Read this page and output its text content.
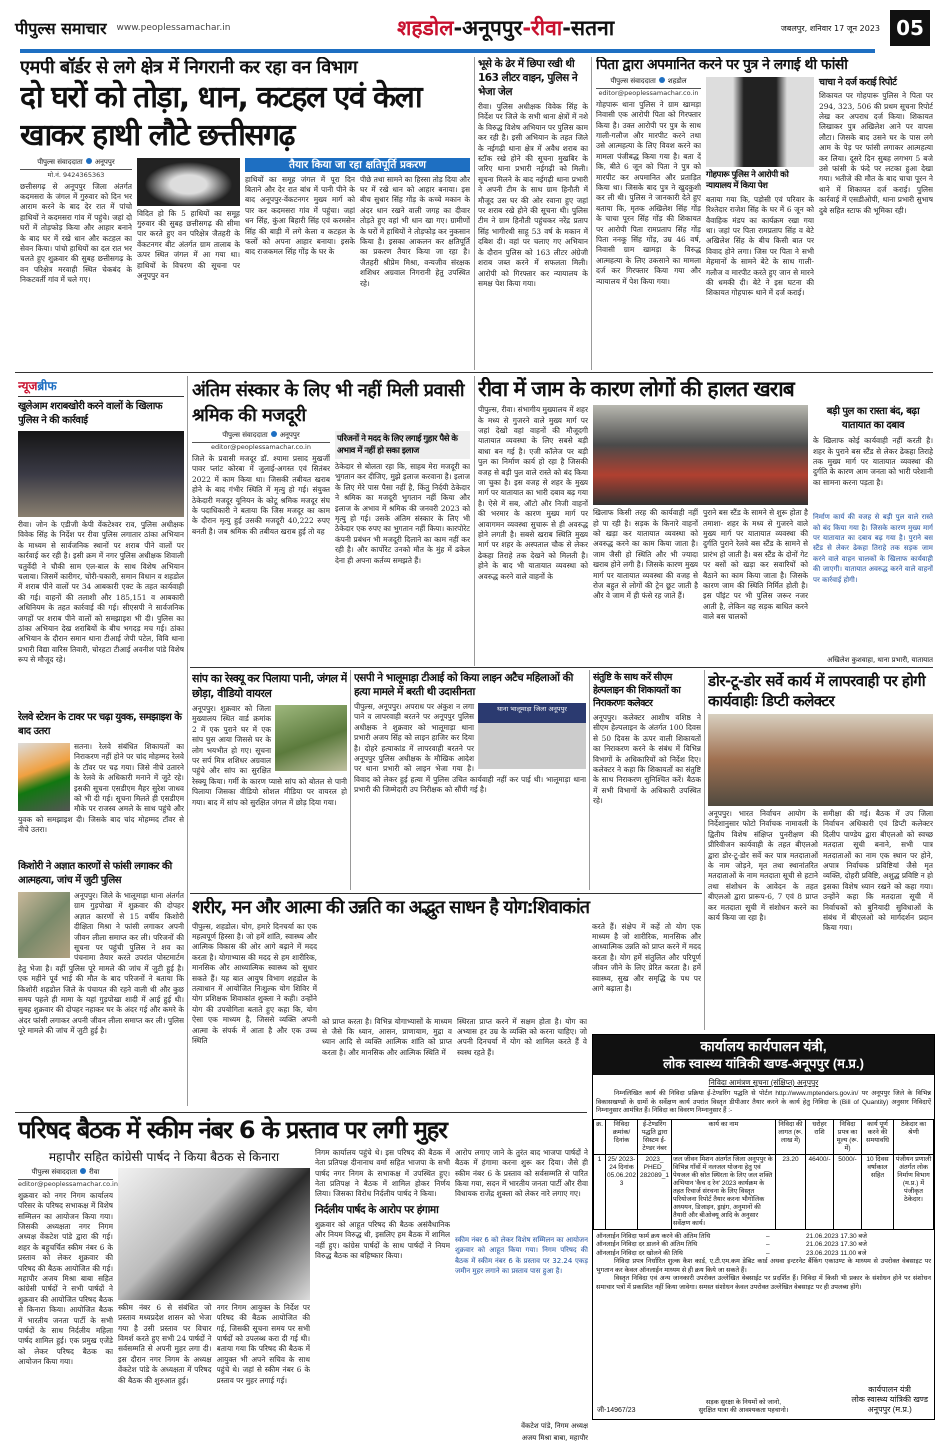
पीपुल्स समाचार www.peoplessamachar.in	शहडोल-अनूपपुर-रीवा-सतना	जबलपुर, शनिवार 17 जून 2023 05
एमपी बॉर्डर से लगे क्षेत्र में निगरानी कर रहा वन विभाग
दो घरों को तोड़ा, धान, कटहल एवं केला खाकर हाथी लौटे छत्तीसगढ़
पीपुल्स संवाददाता अनूपपुर
मो.नं. 9424365363
छत्तीसगढ़ से अनूपपुर जिला अंतर्गत कदमसरा के जंगल में गुरुवार को दिन भर आराम करने के बाद देर रात में पांचो हाथियों ने कदमसरा गांव में पहुंचे। जहां दो घरों में तोड़फोड़ किया और आहार बनाने के बाद घर में रखे धान और कटहल का सेवन किया। पांचो हाथियों का दल रात भर चलते हुए शुक्रवार की सुबह छत्तीसगढ़ के वन परिक्षेत्र मरवाही स्थित चेकबंद के निकटवर्ती गांव में चले गए।
विदित हो कि 5 हाथियों का समूह गुरुवार की सुबह छत्तीसगढ़ की सीमा पार करते हुए वन परिक्षेत्र जैतहरी के वेंकटनगर बीट अंतर्गत ग्राम तालाब के ऊपर स्थित जंगल में आ गया था। हाथियों के विचरण की सूचना पर अनूपपुर वन
तैयार किया जा रहा क्षतिपूर्ति प्रकरण
हाथियों का समूह जंगल में पूरा दिन बिताने और देर रात बांध में पानी पीने के बाद अनूपपुर-वेंकटनगर मुख्य मार्ग को पार कर कदमसरा गांव में पहुंचा। जहां धन सिंह, कुंआ बिहारी सिंह एवं करमसेन सिंह की बाड़ी में लगे केला व कटहल के फलों को अपना आहार बनाया। इसके बाद राजकमल सिंह गोंड़ के घर के
पीछे तथा सामने का हिस्सा तोड़ दिया और घर में रखे धान को आहार बनाया। इस बीच सुधार सिंह गोंड़ के कच्चे मकान के अंदर धान रखने वाली जगह का दीवार तोड़ते हुए वहां भी धान खा गए। ग्रामीणों के घरों में हाथियों ने तोड़फोड़ कर नुकसान किया है। इसका आकलन कर क्षतिपूर्ति का प्रकरण तैयार किया जा रहा है। जैतहरी श्रीप्रेम मिश्रा, वन्यजीव संरक्षक शशिधर अग्रवाल निगरानी हेतु उपस्थित रहे।
भूसे के ढेर में छिपा रखी थी 163 लीटर वाइन, पुलिस ने भेजा जेल
रीवा। पुलिस अधीक्षक विवेक सिंह के निर्देश पर जिले के सभी थाना क्षेत्रों में नशे के विरुद्ध विशेष अभियान पर पुलिस काम कर रही है। इसी अभियान के तहत जिले के नईगढ़ी थाना क्षेत्र में अवैध शराब का स्टॉक रखे होने की सूचना मुखबिर के जरिए थाना प्रभारी नईगढ़ी को मिली। सूचना मिलने के बाद नईगढ़ी थाना प्रभारी ने अपनी टीम के साथ ग्राम हिनौती में मौजूद उस घर की ओर रवाना हुए जहां पर शराब रखे होने की सूचना थी। पुलिस टीम ने ग्राम हिनौती पहुंचकर नरेंद्र प्रताप सिंह भागीरथी साहू 53 वर्ष के मकान में दबिश दी। वहां पर चलाए गए अभियान के दौरान पुलिस को 163 लीटर अंग्रेजी शराब जब्त करने में सफलता मिली। आरोपी को गिरफ्तार कर न्यायालय के समक्ष पेश किया गया।
पिता द्वारा अपमानित करने पर पुत्र ने लगाई थी फांसी
पीपुल्स संवाददाता शहडोल
editor@peoplessamachar.co.in
गोहपारू थाना पुलिस ने ग्राम खामड़ा निवासी एक आरोपी पिता को गिरफ्तार किया है। उक्त आरोपी पर पुत्र के साथ गाली-गलौज और मारपीट करने तथा उसे आत्महत्या के लिए विवश करने का मामला पंजीबद्ध किया गया है। बता दें कि, बीते 6 जून को पिता ने पुत्र को मारपीट कर अपमानित और प्रताड़ित किया था। जिसके बाद पुत्र ने खुदकुशी कर ली थी। पुलिस ने जानकारी देते हुए बताया कि, मृतक अखिलेश सिंह गोंड़ के चाचा पूरन सिंह गोंड़ की शिकायत पर आरोपी पिता रामप्रताप सिंह गोंड़ पिता ननकू सिंह गोंड़, उम्र 46 वर्ष, निवासी ग्राम खामड़ा के विरुद्ध आत्महत्या के लिए उकसाने का मामला दर्ज कर गिरफ्तार किया गया और न्यायालय में पेश किया गया।
गोहपारू पुलिस ने आरोपी को न्यायालय में किया पेश
बताया गया कि, पड़ोसी एवं परिवार के रिश्तेदार राजेश सिंह के घर में 6 जून को वैवाहिक मंडप का कार्यक्रम रखा गया था। जहां पर पिता रामप्रताप सिंह व बेटे अखिलेश सिंह के बीच किसी बात पर विवाद होने लगा। जिस पर पिता ने सभी मेहमानों के सामने बेटे के साथ गाली-गलौज व मारपीट करते हुए जान से मारने की धमकी दी। बेटे ने इस घटना की शिकायत गोहपारू थाने में दर्ज कराई।
चाचा ने दर्ज कराई रिपोर्ट
शिकायत पर गोहपारू पुलिस ने पिता पर 294, 323, 506 की प्रथम सूचना रिपोर्ट लेख कर अपराध दर्ज किया। शिकायत लिखाकर पुत्र अखिलेश आने पर वापस लौटा। जिसके बाद उसने घर के पास लगे आम के पेड़ पर फांसी लगाकर आत्महत्या कर लिया। दूसरे दिन सुबह लगभग 5 बजे उसे फांसी के फंदे पर लटका हुआ देखा गया। भतीजे की मौत के बाद चाचा पूरन ने थाने में शिकायत दर्ज कराई। पुलिस कार्रवाई में एसडीओपी, थाना प्रभारी सुभाष दुबे सहित स्टाफ की भूमिका रही।
न्यूजब्रीफ
खुलेआम शराबखोरी करने वालों के खिलाफ पुलिस ने की कार्रवाई
रीवा। जोन के एडीजी केपी वेंकटेश्वर राव, पुलिस अधीक्षक विवेक सिंह के निर्देश पर रीवा पुलिस लगातार ठांका अभियान के माध्यम से सार्वजनिक स्थानों पर शराब पीने वालों पर कार्रवाई कर रही है। इसी क्रम में नगर पुलिस अधीक्षक शिवाली चतुर्वेदी ने चौकी साम एल-बाल के साथ विशेष अभियान चलाया। जिसमें कारीगर, चोरी-चकारी, समान विधान व शहडोल में शराब पीने वालों पर 34 आबकारी एक्ट के तहत कार्यवाही की गई। वाहनों की तलाशी और 185,151 व आबकारी अधिनियम के तहत कार्रवाई की गई। सीएसपी ने सार्वजनिक जगहों पर शराब पीने वालों को समझाइश भी दी। पुलिस का ठांका अभियान देख शराबियों के बीच भगदड़ मच गई। ठांका अभियान के दौरान समान थाना टीआई जेपी पटेल, विवि थाना प्रभारी विद्या वारिस तिवारी, चोरहटा टीआई अवनीश पांडे विशेष रूप से मौजूद रहे।
रेलवे स्टेशन के टावर पर चढ़ा युवक, समझाइश के बाद उतरा
सतना। रेलवे संबंधित शिकायतों का निराकरण नहीं होने पर चांद मोहम्मद रेलवे के टॉवर पर चढ़ गया। जिसे नीचे उतारने के रेलवे के अधिकारी मनाने में जुटे रहे। इसकी सूचना एसडीएम मैहर सुरेश जाधव को भी दी गई। सूचना मिलते ही एसडीएम मौके पर राजस्व अमले के साथ पहुंचे और युवक को समझाइश दी। जिसके बाद चांद मोहम्मद टॉवर से नीचे उतरा।
किशोरी ने अज्ञात कारणों से फांसी लगाकर की आत्महत्या, जांच में जुटी पुलिस
अनूपपुर। जिले के भालूमाड़ा थाना अंतर्गत ग्राम गुड़पोखा में शुक्रवार की दोपहर अज्ञात कारणों से 15 वर्षीय किशोरी दीक्षिता मिश्रा ने फांसी लगाकर अपनी जीवन लीला समाप्त कर ली। परिजनों की सूचना पर पहुंची पुलिस ने शव का पंचनामा तैयार करते उपरांत पोस्टमार्टम हेतु भेजा है। वहीं पुलिस पूरे मामले की जांच में जुटी हुई है। एक महीने पूर्व भाई की मौत के बाद परिजनों ने बताया कि किशोरी शहडोल जिले के पंचायत की रहने वाली थी और कुछ समय पहले ही मामा के यहां गुड़पोखा शादी में आई हुई थी। सुबह शुक्रवार की दोपहर नहाकर घर के अंदर गई और कमरे के अंदर फांसी लगाकर अपनी जीवन लीला समाप्त कर ली। पुलिस पूरे मामले की जांच में जुटी हुई है।
अंतिम संस्कार के लिए भी नहीं मिली प्रवासी श्रमिक की मजदूरी
पीपुल्स संवाददाता अनूपपुर
editor@peoplessamachar.co.in
जिले के प्रवासी मजदूर डॉ. श्यामा प्रसाद मुखर्जी पावर प्लांट कोरबा में जुलाई-अगस्त एवं सितंबर 2022 में काम किया था। जिसकी तबीयत खराब होने के बाद गंभीर स्थिति में मृत्यु हो गई। संयुक्त ठेकेदारी मजदूर यूनियन के कोटू श्रमिक मजदूर संघ के पदाधिकारी ने बताया कि जिस मजदूर का काम के दौरान मृत्यु हुई उसकी मजदूरी 40,222 रुपए बनती है। जब श्रमिक की तबीयत खराब हुई तो वह
परिजनों ने मदद के लिए लगाई गुहार पैसे के अभाव में नहीं हो सका इलाज
ठेकेदार से बोलता रहा कि, साहब मेरा मजदूरी का भुगतान कर दीजिए, मुझे इलाज करवाना है। इलाज के लिए मेरे पास पैसा नहीं है, किंतु निर्दयी ठेकेदार ने श्रमिक का मजदूरी भुगतान नहीं किया और इलाज के अभाव में श्रमिक की जनवरी 2023 को मृत्यु हो गई। उसके अंतिम संस्कार के लिए भी ठेकेदार एक रुपए का भुगतान नहीं किया। कारपोरेट कंपनी प्रबंधन भी मजदूरी दिलाने का काम नहीं कर रही है। और कार्पोरेट उनको मौत के मुंह में ढकेल देना ही अपना कर्तव्य समझते हैं।
रीवा में जाम के कारण लोगों की हालत खराब
पीपुल्स, रीवा। संभागीय मुख्यालय में शहर के मध्य से गुजरने वाले मुख्य मार्ग पर जहां देखो वहां वाहनों की मौजूदगी यातायात व्यवस्था के लिए सबसे बड़ी बाधा बन गई है। एजी कॉलेज पर बड़ी पुल का निर्माण कार्य हो रहा है जिसकी वजह से बड़ी पुल वाले रास्ते को बंद किया जा चुका है। इस वजह से शहर के मुख्य मार्ग पर यातायात का भारी दबाव बढ़ गया है। ऐसे में सब, ऑटो और निजी वाहनों की भरमार के कारण मुख्य मार्ग पर आवागमन व्यवस्था सुचारू से ही अवरुद्ध होने लगती है। सबसे खराब स्थिति मुख्य मार्ग पर शहर के अस्पताल चौक से लेकर ढेकहा तिराहे तक देखने को मिलती है। होने के बाद भी यातायात व्यवस्था को अवरुद्ध करने वाले वाहनों के
खिलाफ किसी तरह की कार्यवाही नहीं हो पा रही है। सड़क के किनारे वाहनों को खड़ा कर यातायात व्यवस्था को अवरुद्ध करने का काम किया जाता है। जाम जैसी हो स्थिति और भी ज्यादा खराब होने लगी है। जिसके कारण मुख्य मार्ग पर यातायात व्यवस्था की वजह से रोज बहुत से लोगों की ट्रेन छूट जाती है और वे जाम में ही फंसे रह जाते हैं।
पुराने बस स्टैंड के सामने से शुरू होता है तमाशा- शहर के मध्य से गुजरने वाले मुख्य मार्ग पर यातायात व्यवस्था की दुर्गति पुराने रेलवे बस स्टैंड के सामने से प्रारंभ हो जाती है। बस स्टैंड के दोनों गेट पर बसों को खड़ा कर सवारियों को बैठाने का काम किया जाता है। जिसके कारण जाम की स्थिति निर्मित होती है। इस पॉइंट पर भी पुलिस जरूर नजर आती है, लेकिन वह सड़क बाधित करने वाले बस चालकों
बड़ी पुल का रास्ता बंद, बढ़ा यातायात का दबाव
के खिलाफ कोई कार्यवाही नहीं करती है। शहर के पुराने बस स्टैंड से लेकर ढेकहा तिराहे तक मुख्य मार्ग पर यातायात व्यवस्था की दुर्गति के कारण आम जनता को भारी परेशानी का सामना करना पड़ता है।
निर्माण कार्य की वजह से बड़ी पुल वाले रास्ते को बंद किया गया है। जिसके कारण मुख्य मार्ग पर यातायात का दबाव बढ़ गया है। पुराने बस स्टैंड से लेकर ढेकहा तिराहे तक सड़क जाम करने वाले वाहन चालकों के खिलाफ कार्यवाही की जाएगी। यातायात अवरुद्ध करने वाले वाहनों पर कार्रवाई होगी।
अखिलेश कुशवाहा, थाना प्रभारी, यातायात
सांप का रेस्क्यू कर पिलाया पानी, जंगल में छोड़ा, वीडियो वायरल
अनूपपुर। शुक्रवार को जिला मुख्यालय स्थित वार्ड क्रमांक 2 में एक पुराने घर में एक सांप घुस आया जिससे घर के लोग भयभीत हो गए। सूचना पर सर्प मित्र शशिधर अग्रवाल पहुंचे और सांप का सुरक्षित रेस्क्यू किया। गर्मी के कारण प्यासे सांप को बोतल से पानी पिलाया जिसका वीडियो सोशल मीडिया पर वायरल हो गया। बाद में सांप को सुरक्षित जंगल में छोड़ दिया गया।
एसपी ने भालूमाड़ा टीआई को किया लाइन अटैच महिलाओं की हत्या मामले में बरती थी उदासीनता
थाना भालूमाड़ा जिला अनूपपुर
पीपुल्स, अनूपपुर। अपराध पर अंकुश न लगा पाने व लापरवाही बरतने पर अनूपपुर पुलिस अधीक्षक ने शुक्रवार को भालूमाड़ा थाना प्रभारी अजय सिंह को लाइन हाजिर कर दिया है। दोहरे हत्याकांड में लापरवाही बरतने पर अनूपपुर पुलिस अधीक्षक के मौखिक आदेश पर थाना प्रभारी को लाइन भेजा गया है। विवाद को लेकर हुई हत्या में पुलिस उचित कार्यवाही नहीं कर पाई थी। भालूमाड़ा थाना प्रभारी की जिम्मेदारी उप निरीक्षक को सौंपी गई है।
संतुष्टि के साथ करें सीएम हेल्पलाइन की शिकायतों का निराकरणः कलेक्टर
अनूपपुर। कलेक्टर आशीष वशिष्ठ ने सीएम हेल्पलाइन के अंतर्गत 100 दिवस से 50 दिवस के ऊपर वाली शिकायतों का निराकरण करने के संबंध में विभिन्न विभागों के अधिकारियों को निर्देश दिए। कलेक्टर ने कहा कि शिकायतों का संतुष्टि के साथ निराकरण सुनिश्चित करें। बैठक में सभी विभागों के अधिकारी उपस्थित रहे।
डोर-टू-डोर सर्वे कार्य में लापरवाही पर होगी कार्यवाहीः डिप्टी कलेक्टर
अनूपपुर। भारत निर्वाचन आयोग के निर्देशानुसार फोटो निर्वाचक नामावली के द्वितीय विशेष संक्षिप्त पुनरीक्षण की प्रीरिवीजन कार्यवाही के तहत बीएलओ द्वारा डोर-टू-डोर सर्वे कर पात्र मतदाताओं के नाम जोड़ने, मृत तथा स्थानांतरित मतदाताओं के नाम मतदाता सूची से हटाने तथा संशोधन के आवेदन के तहत बीएलओ द्वारा प्रारूप-6, 7 एवं 8 प्राप्त कर मतदाता सूची में संशोधन करने का कार्य किया जा रहा है।
समीक्षा की गई। बैठक में उप जिला निर्वाचन अधिकारी एवं डिप्टी कलेक्टर दिलीप पाण्डेय द्वारा बीएलओ को स्वच्छ मतदाता सूची बनाने, सभी पात्र मतदाताओं का नाम एक स्थान पर होने, अपात्र निर्वाचक प्रविष्टियां जैसे मृत व्यक्ति, दोहरी प्रविष्टि, अशुद्ध प्रविष्टि न हो इसका विशेष ध्यान रखने को कहा गया। उन्होंने कहा कि मतदाता सूची में निर्वाचकों को बुनियादी सुविधाओं के संबंध में बीएलओ को मार्गदर्शन प्रदान किया गया।
शरीर, मन और आत्मा की उन्नति का अद्भुत साधन है योग:शिवाकांत
पीपुल्स, शहडोल। योग, हमारे दिनचर्या का एक महत्वपूर्ण हिस्सा है। जो हमें शांति, स्वास्थ्य और आत्मिक विकास की ओर आगे बढ़ाने में मदद करता है। योगाभ्यास की मदद से हम शारीरिक, मानसिक और आध्यात्मिक स्वास्थ्य को सुधार सकते हैं। यह बात आयुष विभाग शहडोल के तत्वाधान में आयोजित निःशुल्क योग शिविर में योग प्रशिक्षक शिवाकांत शुक्ला ने कही। उन्होंने योग की उपयोगिता बताते हुए कहा कि, योग ऐसा एक माध्यम है, जिससे व्यक्ति अपनी आत्मा के संपर्क में आता है और एक उच्च स्थिति
को प्राप्त करता है। विभिन्न योगाभ्यासों के माध्यम से जैसे कि ध्यान, आसन, प्राणायाम, मुद्रा व ध्यान आदि से व्यक्ति आत्मिक शांति को प्राप्त करता है। और मानसिक और आत्मिक स्थिति में
स्थिरता प्राप्त करने में सक्षम होता है। योग का अभ्यास हर उम्र के व्यक्ति को करना चाहिए। जो अपनी दिनचर्या में योग को शामिल करते हैं वे स्वस्थ रहते हैं।
करते हैं। संक्षेप में कहें तो योग एक माध्यम है जो शारीरिक, मानसिक और आध्यात्मिक उन्नति को प्राप्त करने में मदद करता है। योग हमें संतुलित और परिपूर्ण जीवन जीने के लिए प्रेरित करता है। हमें स्वास्थ्य, सुख और समृद्धि के पथ पर आगे बढ़ाता है।
कार्यालय कार्यपालन यंत्री,
लोक स्वास्थ्य यांत्रिकी खण्ड-अनूपपुर (म.प्र.)
निविदा आमंत्रण सूचना (संक्षिप्त) अनूपपुर
निम्नलिखित कार्य की निविदा प्रक्रिया ई-टेण्डरिंग पद्धति से पोर्टल http://www.mptenders.gov.in/ पर अनूपपुर जिले के विभिन्न विकासखण्डों के ग्रामों के सर्वेक्षण कार्य उपरांत विस्तृत डीपीआर तैयार करने के कार्य हेतु निविदा के (Bill of Quantity) अनुसार निविदाऐं निम्नानुसार आमंत्रित हैं। निविदा का विवरण निम्नानुसार हैं :-
क्र.	निविदा क्रमांक/ दिनांक	ई-टेण्डरिंग पद्धति द्वारा सिस्टम ई-टेण्डर नंबर	कार्य का नाम	निविदा की लागत (रू. लाख में)	धरोहर राशि	निविदा प्रपत्र का मूल्य (रू. में)	कार्य पूर्ण करने की समयावधि	ठेकेदार का श्रेणी
1	25/ 2023-24 दिनांक 05.06.2023	2023_ PHED_ 282089_1	जल जीवन मिशन अंतर्गत जिला अनूपपुर के विभिन्न गाँवों में नलजल योजना हेतु एवं पेयजल की स्रोत स्थिरता के लिए जल शक्ति अभियान 'कैच द रेन' 2023 कार्यक्रम के तहत रिचार्ज संरचना के लिए विस्तृत परियोजना रिपोर्ट तैयार करना भौगोलिक अध्ययन, डिजाइन, ड्राइंग, अनुमानों की तैयारी और बीओक्यू आदि के अनुसार सर्वेक्षण कार्य।	23.20	46400/-	5000/-	10 दिवस वर्षाकाल सहित	पंजीयन प्रणाली अंतर्गत लोक निर्माण विभाग (म.प्र.) में पंजीकृत ठेकेदार।
ऑनलाईन निविदा फार्म क्रय करने की अंतिम तिथि	–	21.06.2023 17.30 बजे
ऑनलाईन निविदा दर डालने की अंतिम तिथि	–	21.06.2023 17.30 बजे
ऑनलाईन निविदा दर खोलने की तिथि	–	23.06.2023 11.00 बजे
निविदा प्रपत्र निर्धारित शुल्क कैश कार्ड, ए.टी.एम.कम डेबिट कार्ड अथवा इन्टरनेट बैंकिंग एकाउण्ट के माध्यम से उपरोक्त वेबसाइट पर भुगतान कर केवल ऑनलाईन माध्यम से ही क्रय किये जा सकते हैं।
विस्तृत निविदा एवं अन्य जानकारी उपरोक्त उल्लेखित वेबसाईट पर प्रदर्शित हैं। निविदा में किसी भी प्रकार के संशोधन होने पर संशोधन समाचार पत्रों में प्रकाशित नहीं किया जावेगा। समस्त संशोधन केवल उपरोक्त उल्लेखित वेबसाइट पर ही उपलब्ध होंगे।
जी-14967/23
सड़क सुरक्षा के नियमों को जानो,
सुरक्षित यात्रा की आवश्यकता पहचानो।
कार्यपालन यंत्री
लोक स्वास्थ्य यांत्रिकी खण्ड
अनूपपुर (म.प्र.)
परिषद बैठक में स्कीम नंबर 6 के प्रस्ताव पर लगी मुहर
महापौर सहित कांग्रेसी पार्षद ने किया बैठक से किनारा
पीपुल्स संवाददाता रीवा
editor@peoplessamachar.co.in
शुक्रवार को नगर निगम कार्यालय परिसर के परिषद सभाकक्ष में विशेष सम्मिलन का आयोजन किया गया। जिसकी अध्यक्षता नगर निगम अध्यक्ष वेंकटेश पांडे द्वारा की गई। शहर के बहुचर्चित स्कीम नंबर 6 के प्रस्ताव को लेकर शुक्रवार की परिषद की बैठक आयोजित की गई। महापौर अजय मिश्रा बाबा सहित कांग्रेसी पार्षदों ने सभी पार्षदों ने शुक्रवार की आयोजित परिषद बैठक से किनारा किया। आयोजित बैठक में भारतीय जनता पार्टी के सभी पार्षदों के साथ निर्दलीय महिला पार्षद शामिल हुई। एक प्रमुख एजेंडे को लेकर परिषद बैठक का आयोजन किया गया।
स्कीम नंबर 6 से संबंधित जो प्रस्ताव मध्यप्रदेश शासन को भेजा गया है उसी प्रस्ताव पर विचार विमर्श करते हुए सभी 24 पार्षदों ने सर्वसम्मति से अपनी मुहर लगा दी। इस दौरान नगर निगम के अध्यक्ष वेंकटेश पांडे के अध्यक्षता में परिषद की बैठक की शुरुआत हुई।
नगर निगम आयुक्त के निर्देश पर परिषद की बैठक आयोजित की गई, जिसकी सूचना समय पर सभी पार्षदों को उपलब्ध करा दी गई थी। बताया गया कि परिषद की बैठक में आयुक्त भी अपने सचिव के साथ पहुंचे थे। जहां से स्कीम नंबर 6 के प्रस्ताव पर मुहर लगाई गई।
निगम कार्यालय पहुंचे थे। इस परिषद की बैठक में नेता प्रतिपक्ष दीनानाथ वर्मा सहित भाजपा के सभी पार्षद नगर निगम के सभाकक्ष में उपस्थित हुए। नेता प्रतिपक्ष ने बैठक में शामिल होकर निर्णय लिया। जिसका विरोध निर्दलीय पार्षद ने किया।
निर्दलीय पार्षद के आरोप पर हंगामा
शुक्रवार को आहूत परिषद की बैठक असंवैधानिक और नियम विरुद्ध थी, इसलिए हम बैठक में शामिल नहीं हुए। कांग्रेस पार्षदों के साथ पार्षदों ने नियम विरुद्ध बैठक का बहिष्कार किया।
आरोप लगाए जाने के तुरंत बाद भाजपा पार्षदों ने बैठक में हंगामा करना शुरू कर दिया। जैसे ही स्कीम नंबर 6 के प्रस्ताव को सर्वसम्मति से पारित किया गया, सदन में भारतीय जनता पार्टी और रीवा विधायक राजेंद्र शुक्ला को लेकर नारे लगाए गए।
स्कीम नंबर 6 को लेकर विशेष सम्मिलन का आयोजन शुक्रवार को आहूत किया गया। निगम परिषद की बैठक में स्कीम नंबर 6 के प्रस्ताव पर 32.24 एकड़ जमीन मुहर लगाने का प्रस्ताव पास हुआ है।
वेंकटेश पांडे, निगम अध्यक्ष
अजय मिश्रा बाबा, महापौर
